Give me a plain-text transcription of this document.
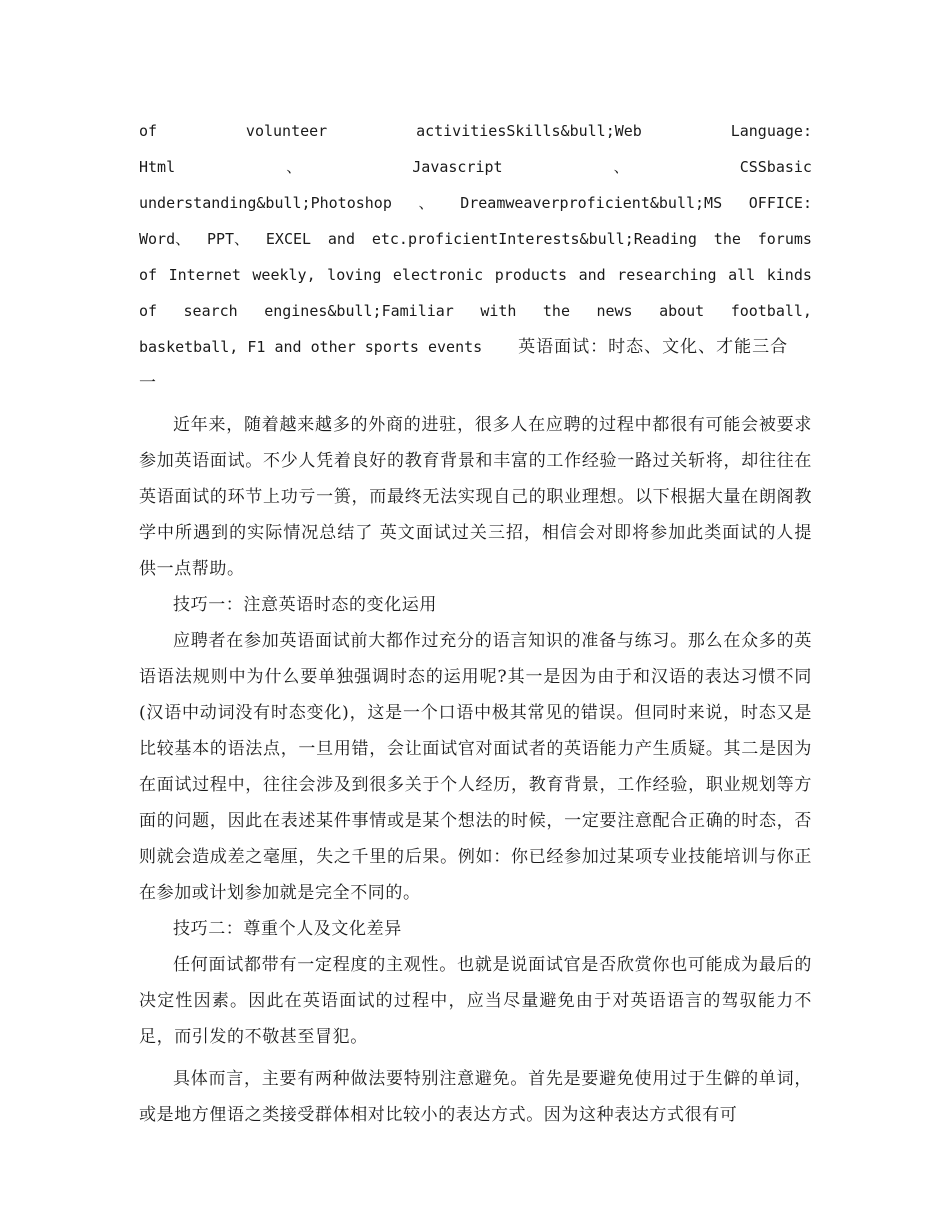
of	volunteer	activitiesSkills&bull;Web	Language:
Html	、	Javascript	、	CSSbasic
understanding&bull;Photoshop 、 Dreamweaverproficient&bull;MS OFFICE:
Word、 PPT、 EXCEL and etc.proficientInterests&bull;Reading the forums
of Internet weekly, loving electronic products and researching all kinds
of search engines&bull;Familiar with the news about football,
basketball, F1 and other sports events 英语面试：时态、文化、才能三合
一

近年来，随着越来越多的外商的进驻，很多人在应聘的过程中都很有可能会被要求参加英语面试。不少人凭着良好的教育背景和丰富的工作经验一路过关斩将，却往往在英语面试的环节上功亏一篑，而最终无法实现自己的职业理想。以下根据大量在朗阁教学中所遇到的实际情况总结了 英文面试过关三招，相信会对即将参加此类面试的人提供一点帮助。

技巧一：注意英语时态的变化运用

应聘者在参加英语面试前大都作过充分的语言知识的准备与练习。那么在众多的英语语法规则中为什么要单独强调时态的运用呢?其一是因为由于和汉语的表达习惯不同(汉语中动词没有时态变化)，这是一个口语中极其常见的错误。但同时来说，时态又是比较基本的语法点，一旦用错，会让面试官对面试者的英语能力产生质疑。其二是因为在面试过程中，往往会涉及到很多关于个人经历，教育背景，工作经验，职业规划等方面的问题，因此在表述某件事情或是某个想法的时候，一定要注意配合正确的时态，否则就会造成差之毫厘，失之千里的后果。例如：你已经参加过某项专业技能培训与你正在参加或计划参加就是完全不同的。

技巧二：尊重个人及文化差异

任何面试都带有一定程度的主观性。也就是说面试官是否欣赏你也可能成为最后的决定性因素。因此在英语面试的过程中，应当尽量避免由于对英语语言的驾驭能力不足，而引发的不敬甚至冒犯。

具体而言，主要有两种做法要特别注意避免。首先是要避免使用过于生僻的单词，或是地方俚语之类接受群体相对比较小的表达方式。因为这种表达方式很有可
